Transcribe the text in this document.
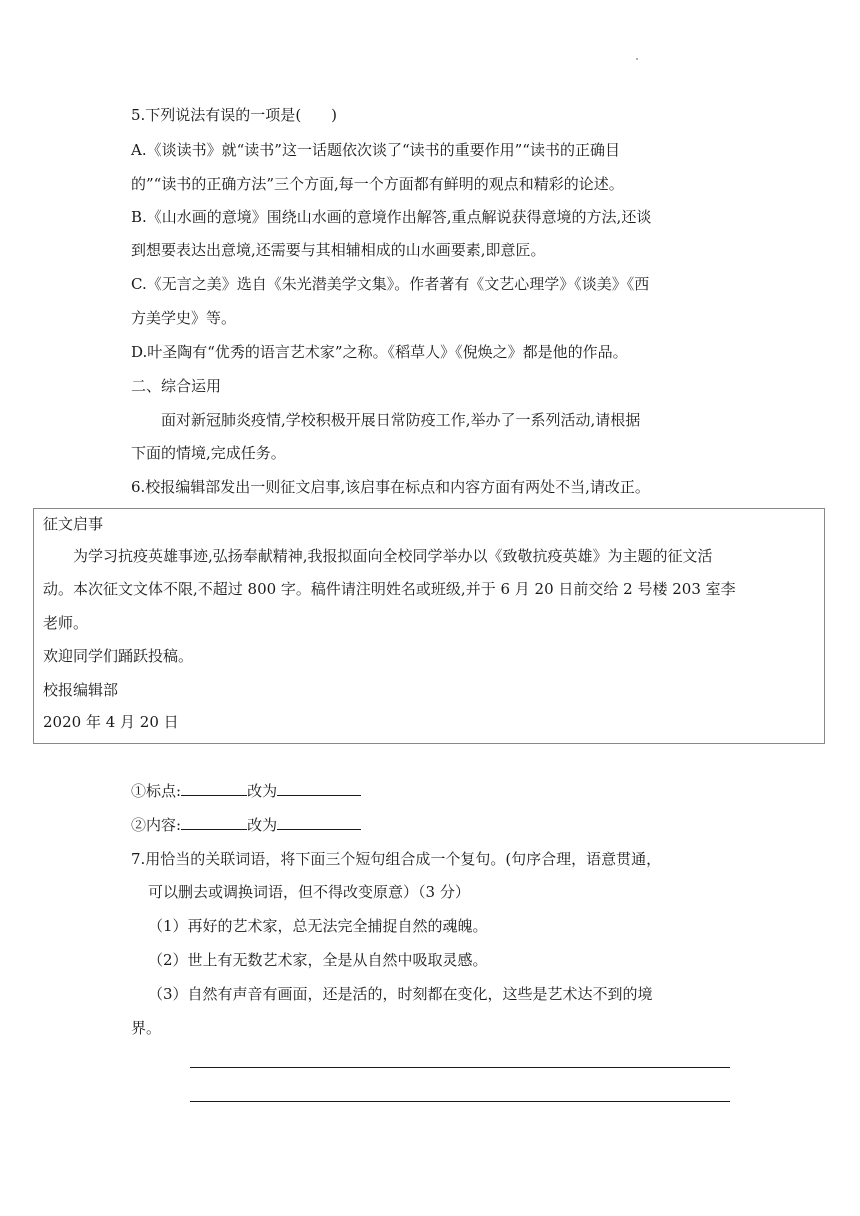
5.下列说法有误的一项是(　　)
A.《谈读书》就“读书”这一话题依次谈了“读书的重要作用”“读书的正确目
的”“读书的正确方法”三个方面,每一个方面都有鲜明的观点和精彩的论述。
B.《山水画的意境》围绕山水画的意境作出解答,重点解说获得意境的方法,还谈
到想要表达出意境,还需要与其相辅相成的山水画要素,即意匠。
C.《无言之美》选自《朱光潜美学文集》。作者著有《文艺心理学》《谈美》《西
方美学史》等。
D.叶圣陶有“优秀的语言艺术家”之称。《稻草人》《倪焕之》都是他的作品。
二、综合运用
面对新冠肺炎疫情,学校积极开展日常防疫工作,举办了一系列活动,请根据
下面的情境,完成任务。
6.校报编辑部发出一则征文启事,该启事在标点和内容方面有两处不当,请改正。
征文启事
为学习抗疫英雄事迹,弘扬奉献精神,我报拟面向全校同学举办以《致敬抗疫英雄》为主题的征文活
动。本次征文文体不限,不超过 800 字。稿件请注明姓名或班级,并于 6 月 20 日前交给 2 号楼 203 室李
老师。
欢迎同学们踊跃投稿。
校报编辑部
2020 年 4 月 20 日
①标点:	改为
②内容:	改为
7.用恰当的关联词语，将下面三个短句组合成一个复句。(句序合理，语意贯通，
可以删去或调换词语，但不得改变原意）（3 分）
（1）再好的艺术家，总无法完全捕捉自然的魂魄。
（2）世上有无数艺术家，全是从自然中吸取灵感。
（3）自然有声音有画面，还是活的，时刻都在变化，这些是艺术达不到的境
界。
